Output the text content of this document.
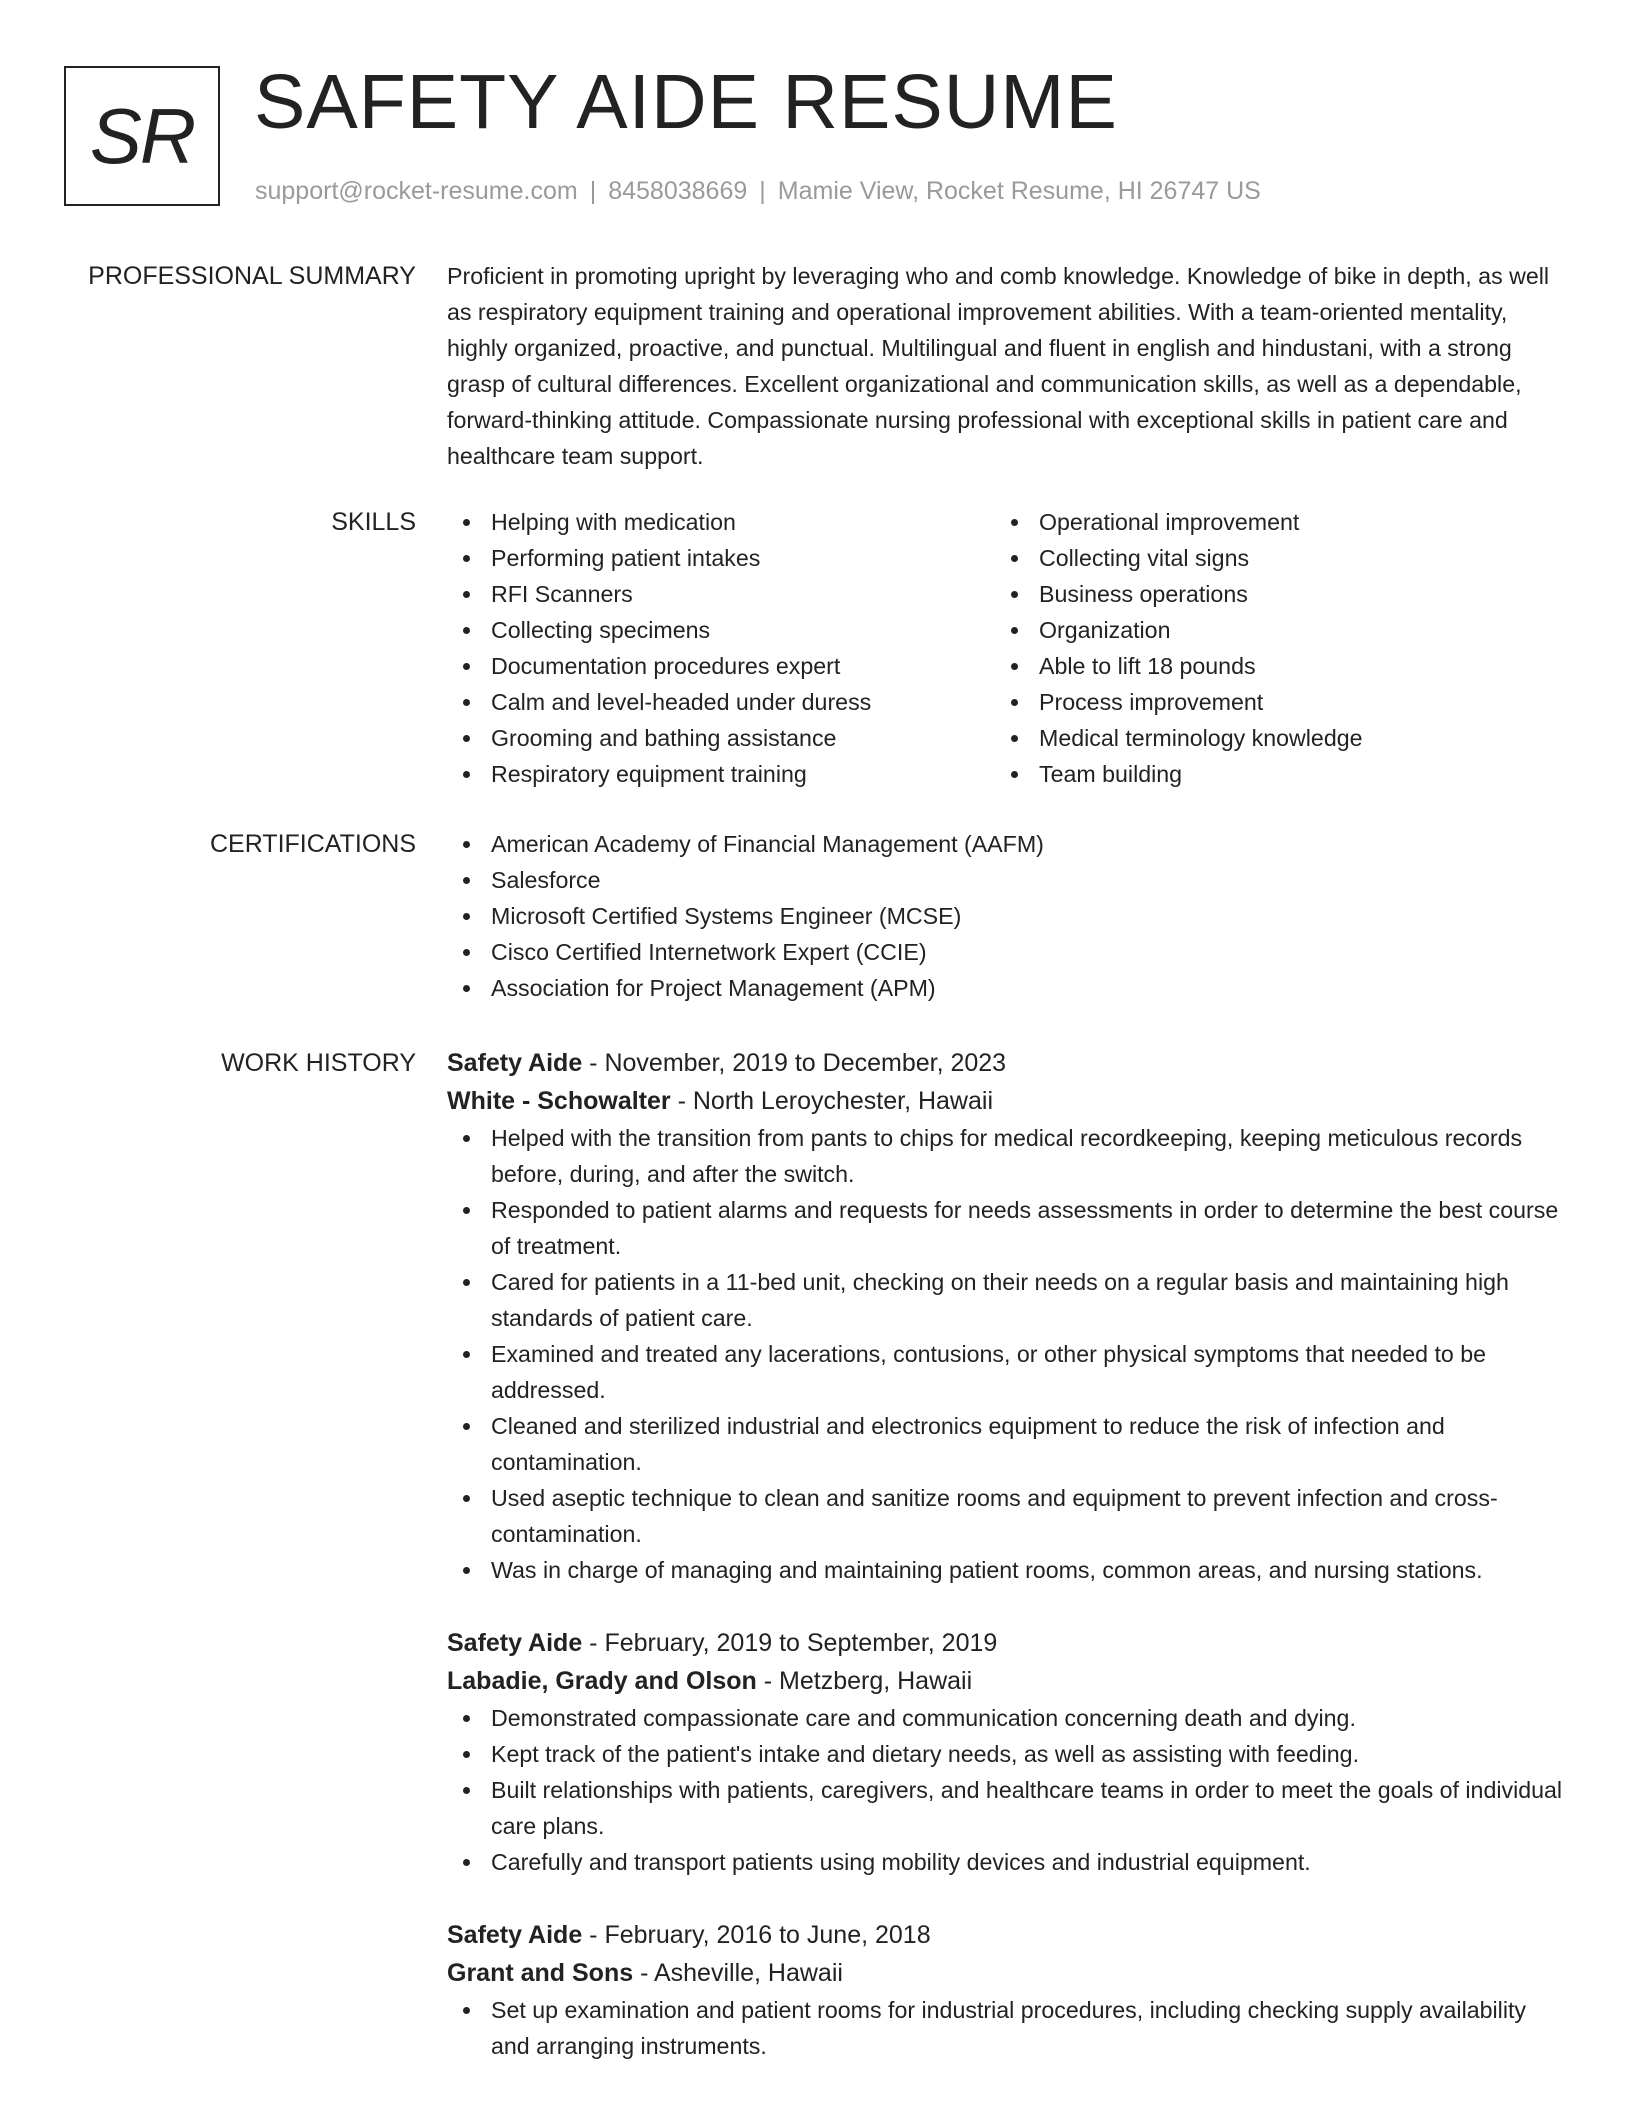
SR SAFETY AIDE RESUME
support@rocket-resume.com | 8458038669 | Mamie View, Rocket Resume, HI 26747 US
PROFESSIONAL SUMMARY Proficient in promoting upright by leveraging who and comb knowledge. Knowledge of bike in depth, as well as respiratory equipment training and operational improvement abilities. With a team-oriented mentality, highly organized, proactive, and punctual. Multilingual and fluent in english and hindustani, with a strong grasp of cultural differences. Excellent organizational and communication skills, as well as a dependable, forward-thinking attitude. Compassionate nursing professional with exceptional skills in patient care and healthcare team support.

SKILLS	Helping with medication
Performing patient intakes
RFI Scanners
Collecting specimens
Documentation procedures expert
Calm and level-headed under duress
Grooming and bathing assistance
Respiratory equipment training
Operational improvement
Collecting vital signs
Business operations
Organization
Able to lift 18 pounds
Process improvement
Medical terminology knowledge
Team building
CERTIFICATIONS	American Academy of Financial Management (AAFM)
Salesforce
Microsoft Certified Systems Engineer (MCSE)
Cisco Certified Internetwork Expert (CCIE)
Association for Project Management (APM)
WORK HISTORY Safety Aide - November, 2019 to December, 2023
White - Schowalter - North Leroychester, Hawaii
Helped with the transition from pants to chips for medical recordkeeping, keeping meticulous records before, during, and after the switch.
Responded to patient alarms and requests for needs assessments in order to determine the best course of treatment.
Cared for patients in a 11-bed unit, checking on their needs on a regular basis and maintaining high standards of patient care.
Examined and treated any lacerations, contusions, or other physical symptoms that needed to be addressed.
Cleaned and sterilized industrial and electronics equipment to reduce the risk of infection and contamination.
Used aseptic technique to clean and sanitize rooms and equipment to prevent infection and cross-contamination.
Was in charge of managing and maintaining patient rooms, common areas, and nursing stations.
Safety Aide - February, 2019 to September, 2019
Labadie, Grady and Olson - Metzberg, Hawaii
Demonstrated compassionate care and communication concerning death and dying.
Kept track of the patient's intake and dietary needs, as well as assisting with feeding.
Built relationships with patients, caregivers, and healthcare teams in order to meet the goals of individual care plans.
Carefully and transport patients using mobility devices and industrial equipment.
Safety Aide - February, 2016 to June, 2018
Grant and Sons - Asheville, Hawaii
Set up examination and patient rooms for industrial procedures, including checking supply availability and arranging instruments.
